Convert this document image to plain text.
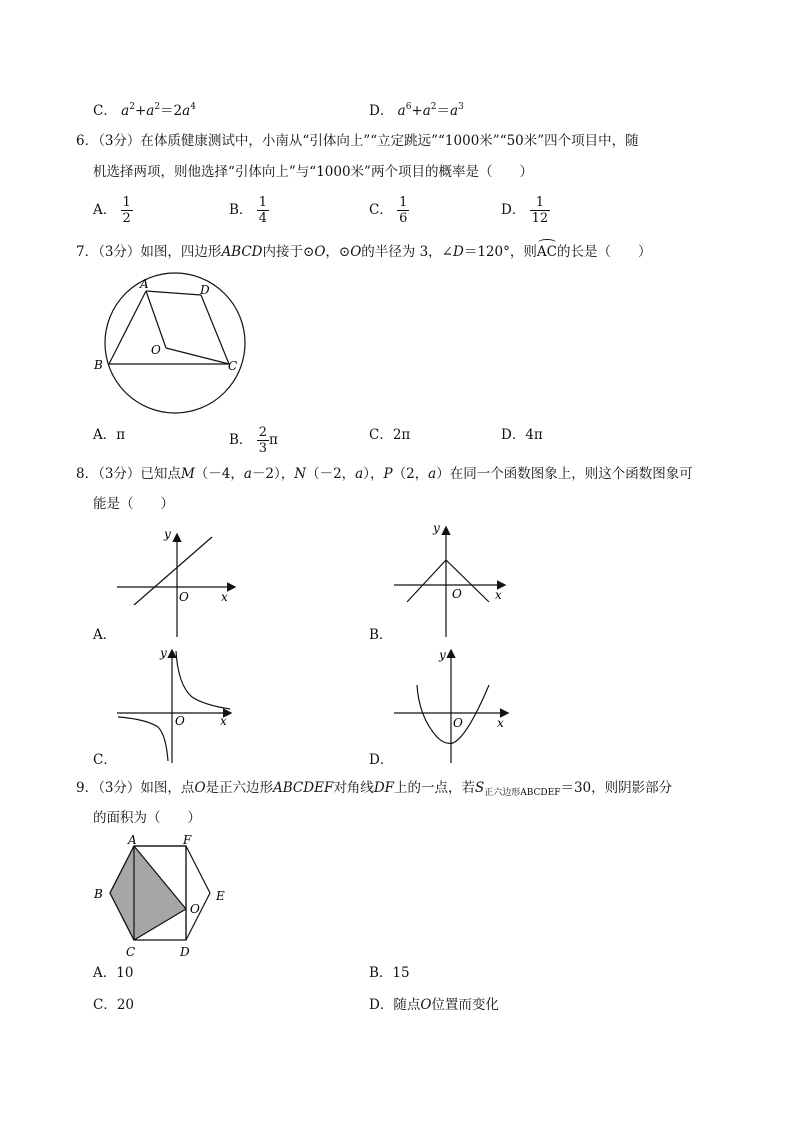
C． $a^2+a^2=2a^4$	D． $a^6+a^2=a^3$
6．（3分）在体质健康测试中，小南从“引体向上”“立定跳远”“1000米”“50米”四个项目中，随
机选择两项，则他选择“引体向上”与“1000米”两个项目的概率是（　　）
A． $\frac{1}{2}$	B． $\frac{1}{4}$	C． $\frac{1}{6}$	D． $\frac{1}{12}$
7．（3分）如图，四边形ABCD内接于⊙O，⊙O的半径为 3，∠D＝120°，则AC的长是（　　）
A	D
B	C
O
A．π	B． $\frac{2}{3}$ π	C．2π	D．4π
8．（3分）已知点M（－4，a－2），N（－2，a），P（2，a）在同一个函数图象上，则这个函数图象可
能是（　　）
y
x
O
A．
y
x
O
B．
y
x
O
C．
y
x
O
D．
9．（3分）如图，点O是正六边形ABCDEF对角线DF上的一点，若$S_{正六边形ABCDEF}=30$，则阴影部分
的面积为（　　）
A	F
B	E
O
C	D
A．10	B．15
C．20	D．随点O位置而变化
